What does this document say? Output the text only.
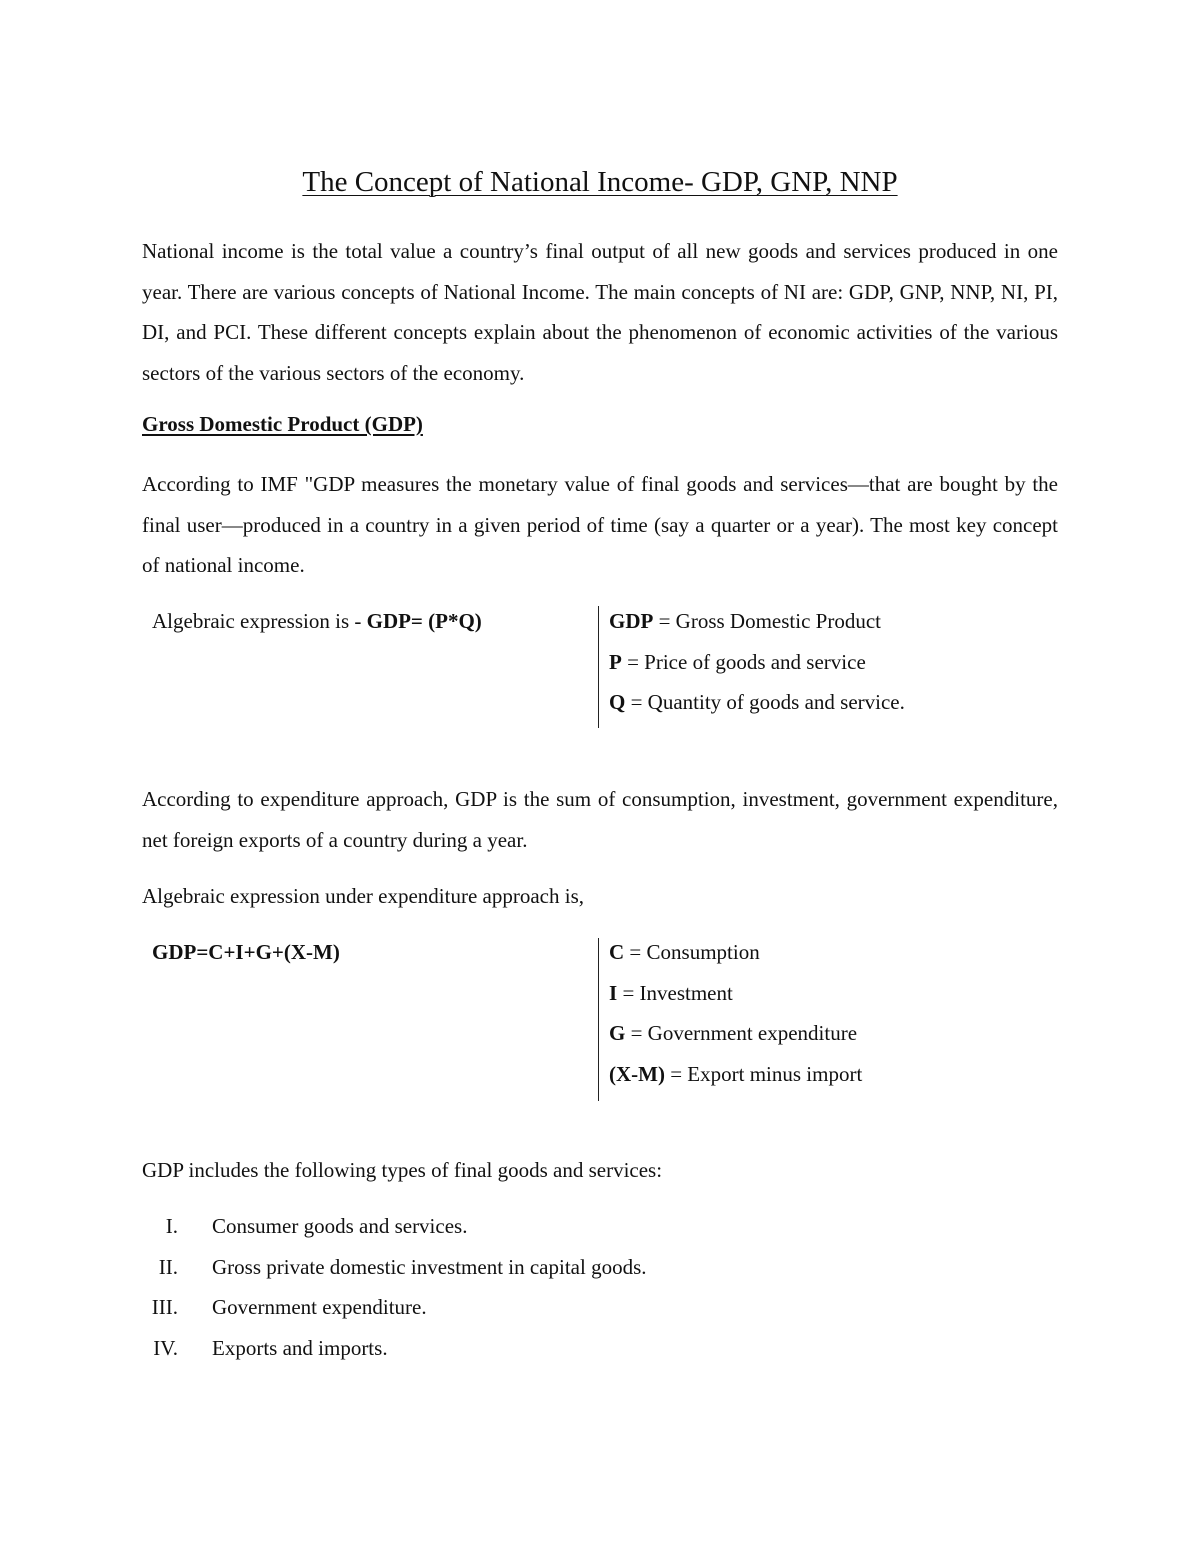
The Concept of National Income- GDP, GNP, NNP

National income is the total value a country’s final output of all new goods and services produced in one year. There are various concepts of National Income. The main concepts of NI are: GDP, GNP, NNP, NI, PI, DI, and PCI. These different concepts explain about the phenomenon of economic activities of the various sectors of the various sectors of the economy.

Gross Domestic Product (GDP)

According to IMF "GDP measures the monetary value of final goods and services—that are bought by the final user—produced in a country in a given period of time (say a quarter or a year). The most key concept of national income.

Algebraic expression is - GDP= (P*Q)	GDP = Gross Domestic Product
P = Price of goods and service
Q = Quantity of goods and service.

According to expenditure approach, GDP is the sum of consumption, investment, government expenditure, net foreign exports of a country during a year.

Algebraic expression under expenditure approach is,

GDP=C+I+G+(X-M)	C = Consumption
I = Investment
G = Government expenditure
(X-M) = Export minus import

GDP includes the following types of final goods and services:

I. Consumer goods and services.
II. Gross private domestic investment in capital goods.
III. Government expenditure.
IV. Exports and imports.
